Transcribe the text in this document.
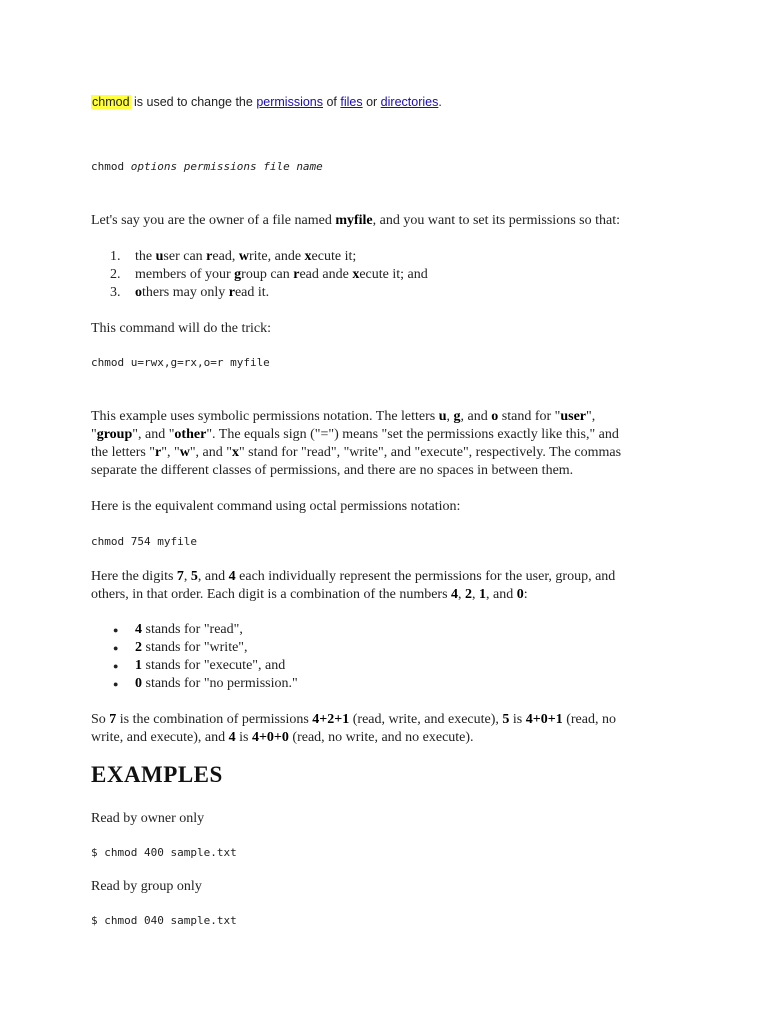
chmod is used to change the permissions of files or directories.
chmod options permissions file name
Let's say you are the owner of a file named myfile, and you want to set its permissions so that:
1. the user can read, write, ande xecute it;
2. members of your group can read ande xecute it; and
3. others may only read it.
This command will do the trick:
chmod u=rwx,g=rx,o=r myfile
This example uses symbolic permissions notation. The letters u, g, and o stand for "user",
"group", and "other". The equals sign ("=") means "set the permissions exactly like this," and
the letters "r", "w", and "x" stand for "read", "write", and "execute", respectively. The commas
separate the different classes of permissions, and there are no spaces in between them.
Here is the equivalent command using octal permissions notation:
chmod 754 myfile
Here the digits 7, 5, and 4 each individually represent the permissions for the user, group, and
others, in that order. Each digit is a combination of the numbers 4, 2, 1, and 0:
● 4 stands for "read",
● 2 stands for "write",
● 1 stands for "execute", and
● 0 stands for "no permission."
So 7 is the combination of permissions 4+2+1 (read, write, and execute), 5 is 4+0+1 (read, no
write, and execute), and 4 is 4+0+0 (read, no write, and no execute).
EXAMPLES
Read by owner only
$ chmod 400 sample.txt
Read by group only
$ chmod 040 sample.txt
